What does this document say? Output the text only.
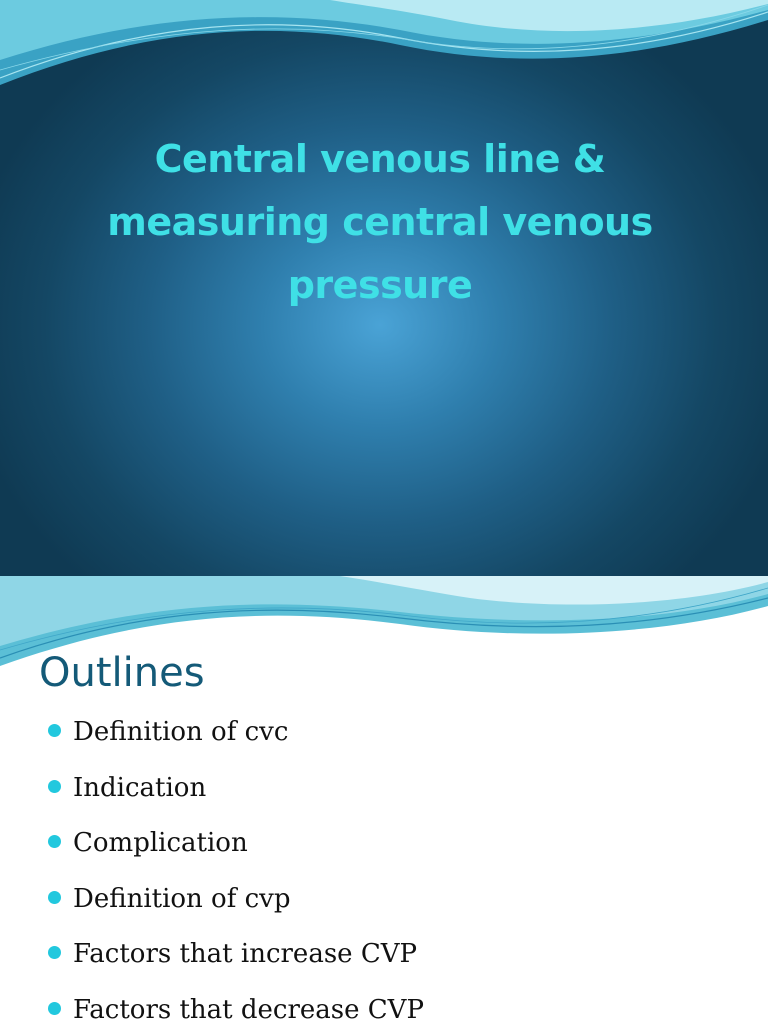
Central venous line & measuring central venous pressure
Outlines
Definition of cvc
Indication
Complication
Definition of cvp
Factors that increase CVP
Factors that decrease CVP
